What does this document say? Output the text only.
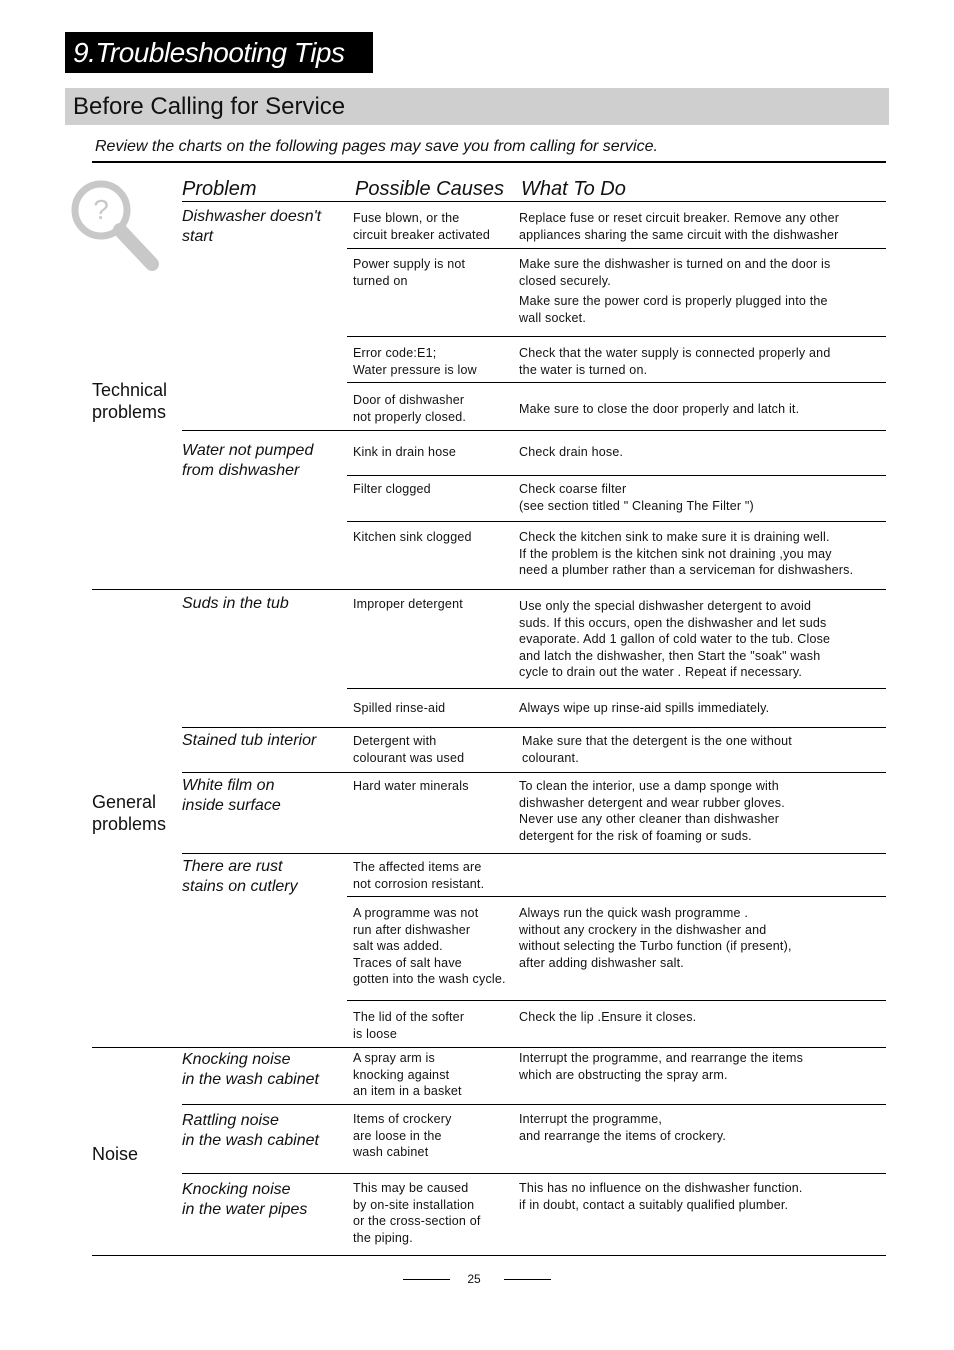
9.Troubleshooting Tips
Before Calling for Service
Review the charts on the following pages may save you from calling for service.
?
Problem	Possible Causes What To Do
Technical
problems
General
problems
Noise
Dishwasher doesn't
start
Water not pumped
from dishwasher
Suds in the tub
Stained tub interior
White film on
inside surface
There are rust
stains on cutlery
Knocking noise
in the wash cabinet
Rattling noise
in the wash cabinet
Knocking noise
in the water pipes
Fuse blown, or the
circuit breaker activated
Power supply is not
turned on
Error code:E1;
Water pressure is low
Door of dishwasher
not properly closed.
Kink in drain hose
Filter clogged
Kitchen sink clogged
Improper detergent
Spilled rinse-aid
Detergent with
colourant was used
Hard water minerals
The affected items are
not corrosion resistant.
A programme was not
run after dishwasher
salt was added.
Traces of salt have
gotten into the wash cycle.
The lid of the softer
is loose
A spray arm is
knocking against
an item in a basket
Items of crockery
are loose in the
wash cabinet
This may be caused
by on-site installation
or the cross-section of
the piping.
Replace fuse or reset circuit breaker. Remove any other
appliances sharing the same circuit with the dishwasher
Make sure the dishwasher is turned on and the door is
closed securely.
Make sure the power cord is properly plugged into the
wall socket.
Check that the water supply is connected properly and
the water is turned on.
Make sure to close the door properly and latch it.
Check drain hose.
Check coarse filter
(see section titled " Cleaning The Filter ")
Check the kitchen sink to make sure it is draining well.
If the problem is the kitchen sink not draining ,you may
need a plumber rather than a serviceman for dishwashers.
Use only the special dishwasher detergent to avoid
suds. If this occurs, open the dishwasher and let suds
evaporate. Add 1 gallon of cold water to the tub. Close
and latch the dishwasher, then Start the "soak" wash
cycle to drain out the water . Repeat if necessary.
Always wipe up rinse-aid spills immediately.
Make sure that the detergent is the one without
colourant.
To clean the interior, use a damp sponge with
dishwasher detergent and wear rubber gloves.
Never use any other cleaner than dishwasher
detergent for the risk of foaming or suds.
Always run the quick wash programme .
without any crockery in the dishwasher and
without selecting the Turbo function (if present),
after adding dishwasher salt.
Check the lip .Ensure it closes.
Interrupt the programme, and rearrange the items
which are obstructing the spray arm.
Interrupt the programme,
and rearrange the items of crockery.
This has no influence on the dishwasher function.
if in doubt, contact a suitably qualified plumber.
25
